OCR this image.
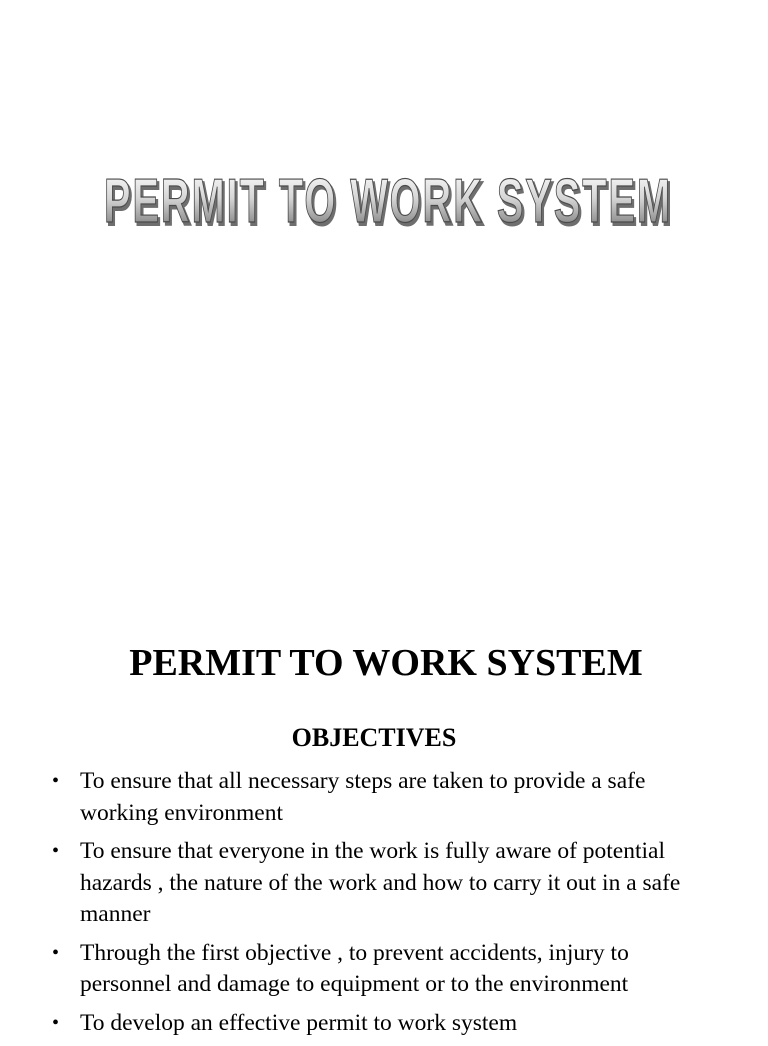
PERMIT TO WORK SYSTEM
PERMIT TO WORK SYSTEM
PERMIT TO WORK SYSTEM
OBJECTIVES
• To ensure that all necessary steps are taken to provide a safe working environment
• To ensure that everyone in the work is fully aware of potential hazards , the nature of the work and how to carry it out in a safe manner
• Through the first objective , to prevent accidents, injury to personnel and damage to equipment or to the environment
• To develop an effective permit to work system
